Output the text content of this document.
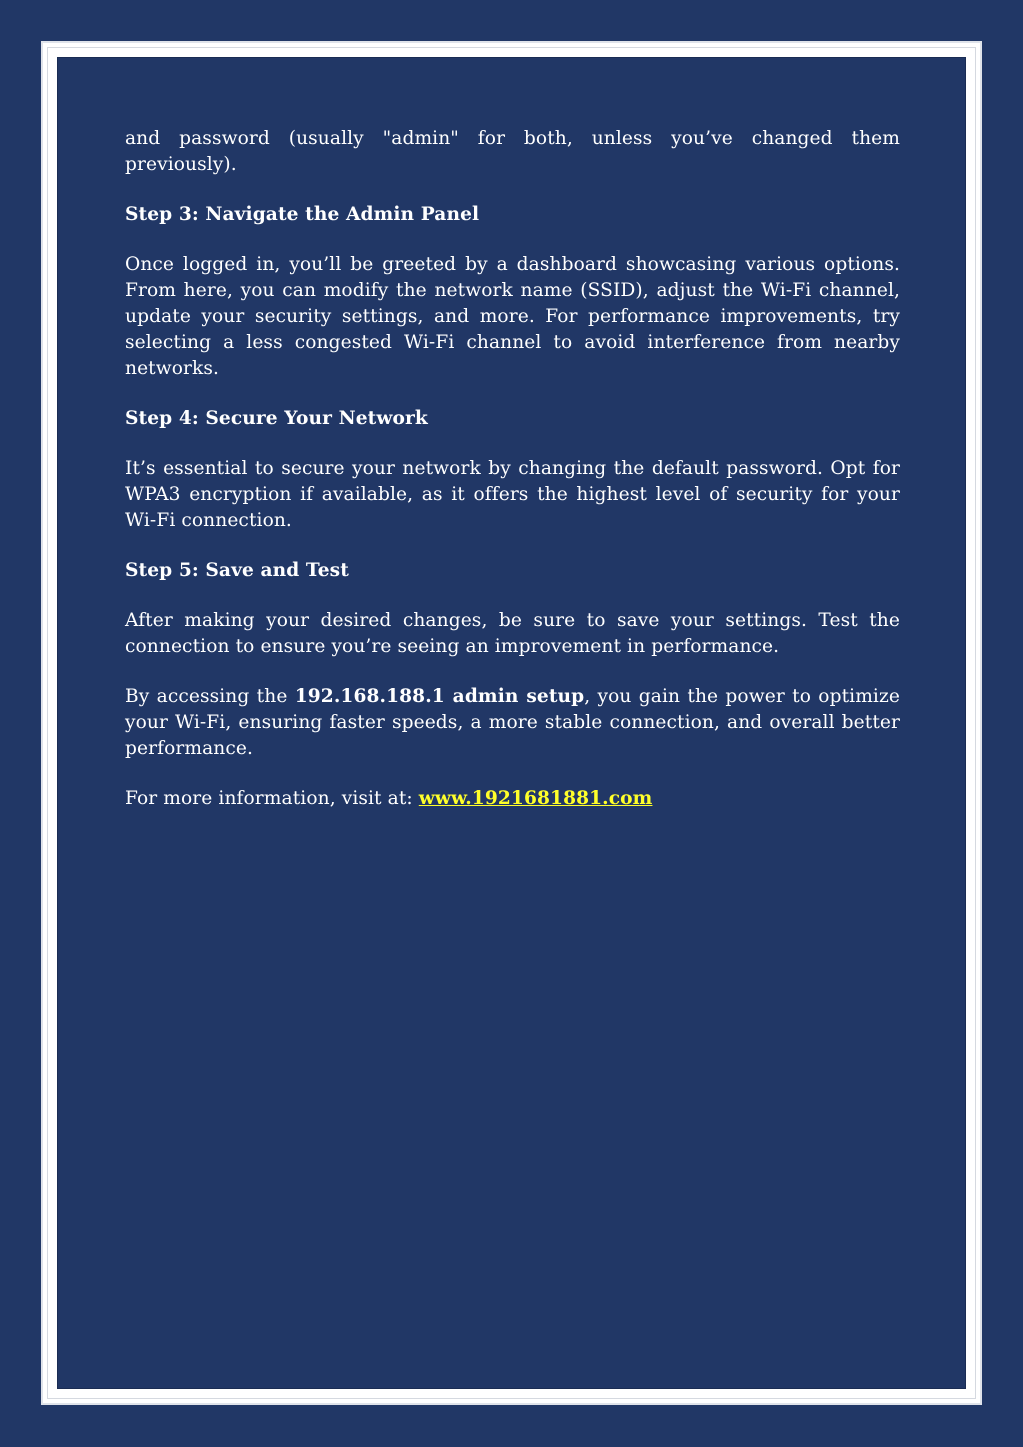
and password (usually "admin" for both, unless you’ve changed them previously).

Step 3: Navigate the Admin Panel

Once logged in, you’ll be greeted by a dashboard showcasing various options. From here, you can modify the network name (SSID), adjust the Wi-Fi channel, update your security settings, and more. For performance improvements, try selecting a less congested Wi-Fi channel to avoid interference from nearby networks.

Step 4: Secure Your Network

It’s essential to secure your network by changing the default password. Opt for WPA3 encryption if available, as it offers the highest level of security for your Wi-Fi connection.

Step 5: Save and Test

After making your desired changes, be sure to save your settings. Test the connection to ensure you’re seeing an improvement in performance.

By accessing the 192.168.188.1 admin setup, you gain the power to optimize your Wi-Fi, ensuring faster speeds, a more stable connection, and overall better performance.

For more information, visit at: www.1921681881.com
